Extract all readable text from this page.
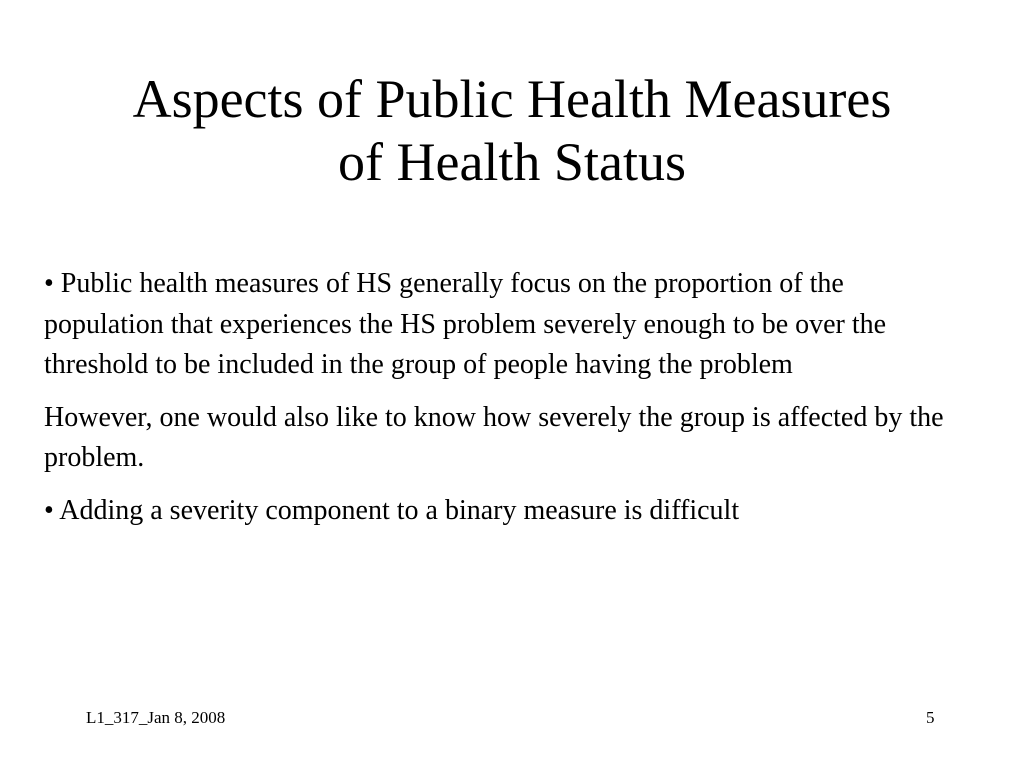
Aspects of Public Health Measures
of Health Status

• Public health measures of HS generally focus on the proportion of the population that experiences the HS problem severely enough to be over the threshold to be included in the group of people having the problem

However, one would also like to know how severely the group is affected by the problem.

• Adding a severity component to a binary measure is difficult

L1_317_Jan 8, 2008	5
